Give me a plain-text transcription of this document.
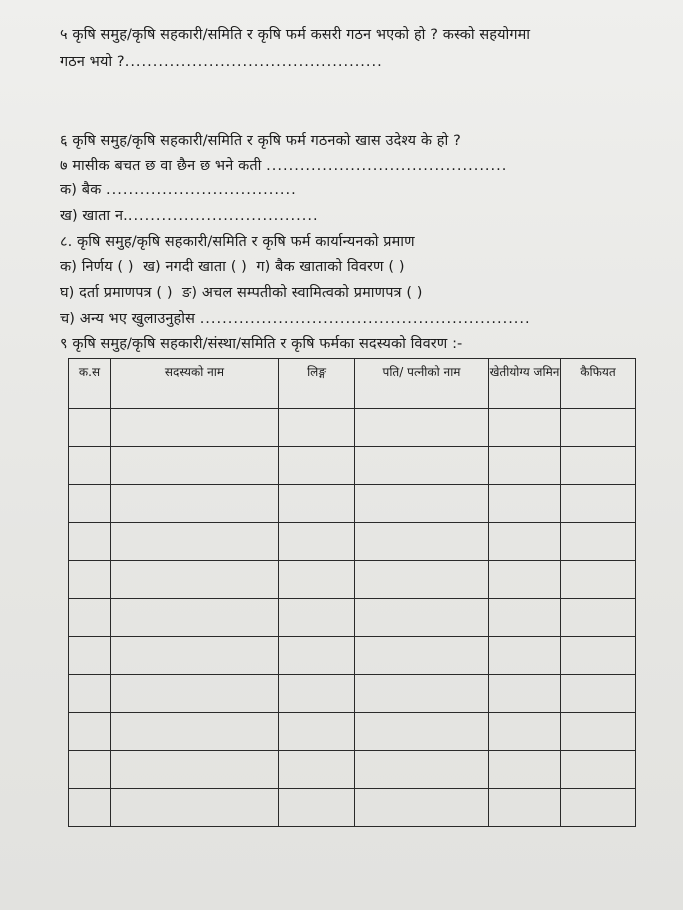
५ कृषि समुह/कृषि सहकारी/समिति र कृषि फर्म कसरी गठन भएको हो ? कस्को सहयोगमा
गठन भयो ?..............................................
६ कृषि समुह/कृषि सहकारी/समिति र कृषि फर्म गठनको खास उदेश्य के हो ?
७ मासीक बचत छ वा छैन छ भने कती ...........................................
क) बैक ..................................
ख) खाता न...................................
८. कृषि समुह/कृषि सहकारी/समिति र कृषि फर्म कार्यान्यनको प्रमाण
क) निर्णय ( ) ख) नगदी खाता ( ) ग) बैक खाताको विवरण ( )
घ) दर्ता प्रमाणपत्र ( ) ङ) अचल सम्पतीको स्वामित्वको प्रमाणपत्र ( )
च) अन्य भए खुलाउनुहोस ...........................................................
९ कृषि समुह/कृषि सहकारी/संस्था/समिति र कृषि फर्मका सदस्यको विवरण :-
क.स	सदस्यको नाम	लिङ्ग	पति/ पत्नीको नाम	खेतीयोग्य जमिन	कैफियत
